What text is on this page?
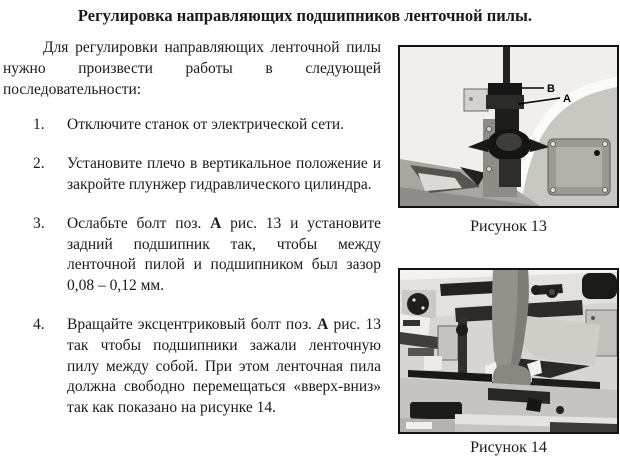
Регулировка направляющих подшипников ленточной пилы.

Для регулировки направляющих ленточной пилы нужно произвести работы в следующей последовательности:

1.	Отключите станок от электрической сети.
2.	Установите плечо в вертикальное положение и закройте плунжер гидравлического цилиндра.
3.	Ослабьте болт поз. А рис. 13 и установите задний подшипник так, чтобы между ленточной пилой и подшипником был зазор 0,08 – 0,12 мм.
4.	Вращайте эксцентриковый болт поз. А рис. 13 так чтобы подшипники зажали ленточную пилу между собой. При этом ленточная пила должна свободно перемещаться «вверх-вниз» так как показано на рисунке 14.
B
A
Рисунок 13
Рисунок 14
